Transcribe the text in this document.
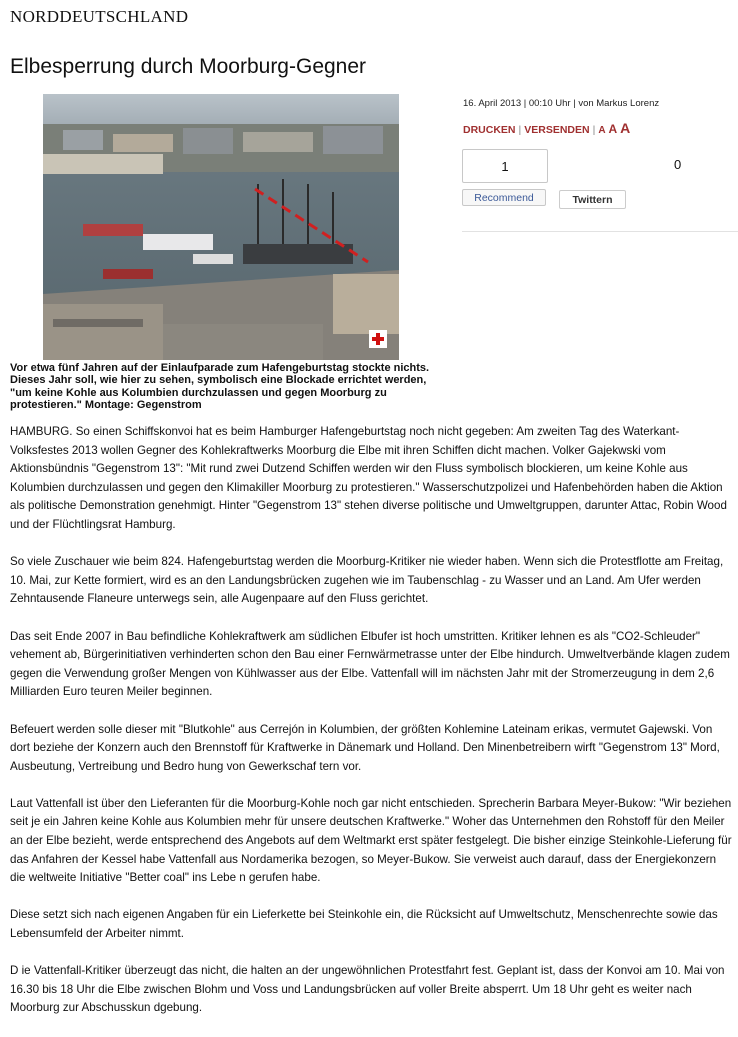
NORDDEUTSCHLAND
Elbesperrung durch Moorburg-Gegner
Vor etwa fünf Jahren auf der Einlaufparade zum Hafengeburtstag stockte nichts. Dieses Jahr soll, wie hier zu sehen, symbolisch eine Blockade errichtet werden, "um keine Kohle aus Kolumbien durchzulassen und gegen Moorburg zu protestieren." Montage: Gegenstrom
16. April 2013 | 00:10 Uhr | von Markus Lorenz
DRUCKEN | VERSENDEN | A A A
1	0
Recommend	Twittern

HAMBURG. So einen Schiffskonvoi hat es beim Hamburger Hafengeburtstag noch nicht gegeben: Am zweiten Tag des Waterkant-Volksfestes 2013 wollen Gegner des Kohlekraftwerks Moorburg die Elbe mit ihren Schiffen dicht machen. Volker Gajekwski vom Aktionsbündnis "Gegenstrom 13": "Mit rund zwei Dutzend Schiffen werden wir den Fluss symbolisch blockieren, um keine Kohle aus Kolumbien durchzulassen und gegen den Klimakiller Moorburg zu protestieren." Wasserschutzpolizei und Hafenbehörden haben die Aktion als politische Demonstration genehmigt. Hinter "Gegenstrom 13" stehen diverse politische und Umweltgruppen, darunter Attac, Robin Wood und der Flüchtlingsrat Hamburg.

So viele Zuschauer wie beim 824. Hafengeburtstag werden die Moorburg-Kritiker nie wieder haben. Wenn sich die Protestflotte am Freitag, 10. Mai, zur Kette formiert, wird es an den Landungsbrücken zugehen wie im Taubenschlag - zu Wasser und an Land. Am Ufer werden Zehntausende Flaneure unterwegs sein, alle Augenpaare auf den Fluss gerichtet.

Das seit Ende 2007 in Bau befindliche Kohlekraftwerk am südlichen Elbufer ist hoch umstritten. Kritiker lehnen es als "CO2-Schleuder" vehement ab, Bürgerinitiativen verhinderten schon den Bau einer Fernwärmetrasse unter der Elbe hindurch. Umweltverbände klagen zudem gegen die Verwendung großer Mengen von Kühlwasser aus der Elbe. Vattenfall will im nächsten Jahr mit der Stromerzeugung in dem 2,6 Milliarden Euro teuren Meiler beginnen.

Befeuert werden solle dieser mit "Blutkohle" aus Cerrejón in Kolumbien, der größten Kohlemine Lateinam erikas, vermutet Gajewski. Von dort beziehe der Konzern auch den Brennstoff für Kraftwerke in Dänemark und Holland. Den Minenbetreibern wirft "Gegenstrom 13" Mord, Ausbeutung, Vertreibung und Bedro hung von Gewerkschaf tern vor.

Laut Vattenfall ist über den Lieferanten für die Moorburg-Kohle noch gar nicht entschieden. Sprecherin Barbara Meyer-Bukow: "Wir beziehen seit je ein Jahren keine Kohle aus Kolumbien mehr für unsere deutschen Kraftwerke." Woher das Unternehmen den Rohstoff für den Meiler an der Elbe bezieht, werde entsprechend des Angebots auf dem Weltmarkt erst später festgelegt. Die bisher einzige Steinkohle-Lieferung für das Anfahren der Kessel habe Vattenfall aus Nordamerika bezogen, so Meyer-Bukow. Sie verweist auch darauf, dass der Energiekonzern die weltweite Initiative "Better coal" ins Lebe n gerufen habe.

Diese setzt sich nach eigenen Angaben für ein Lieferkette bei Steinkohle ein, die Rücksicht auf Umweltschutz, Menschenrechte sowie das Lebensumfeld der Arbeiter nimmt.

D ie Vattenfall-Kritiker überzeugt das nicht, die halten an der ungewöhnlichen Protestfahrt fest. Geplant ist, dass der Konvoi am 10. Mai von 16.30 bis 18 Uhr die Elbe zwischen Blohm und Voss und Landungsbrücken auf voller Breite absperrt. Um 18 Uhr geht es weiter nach Moorburg zur Abschusskun dgebung.
